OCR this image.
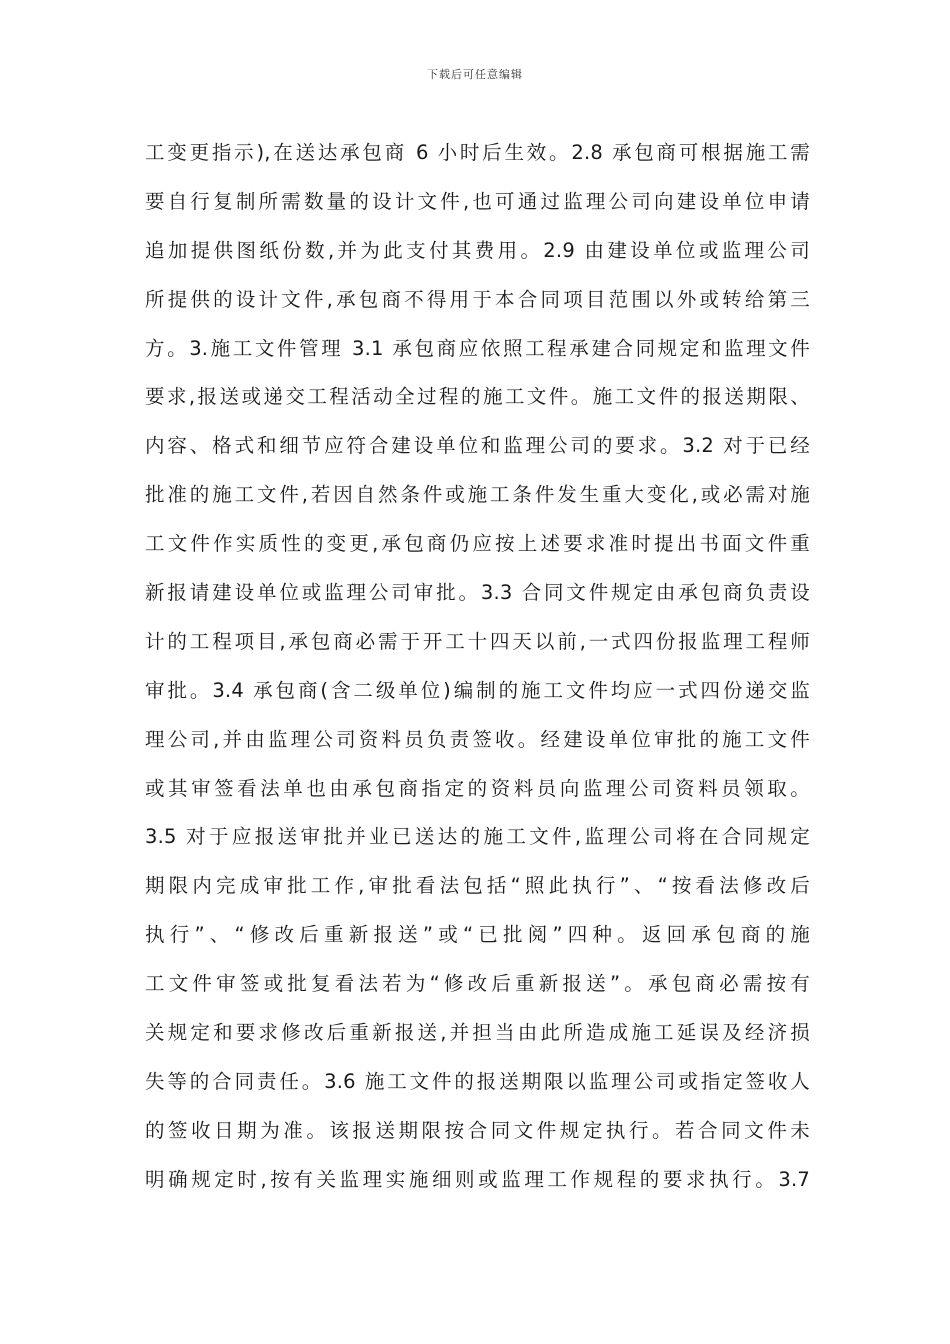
下载后可任意编辑
工变更指示),在送达承包商 6 小时后生效。2.8 承包商可根据施工需
要自行复制所需数量的设计文件,也可通过监理公司向建设单位申请
追加提供图纸份数,并为此支付其费用。2.9 由建设单位或监理公司
所提供的设计文件,承包商不得用于本合同项目范围以外或转给第三
方。3.施工文件管理 3.1 承包商应依照工程承建合同规定和监理文件
要求,报送或递交工程活动全过程的施工文件。施工文件的报送期限、
内容、格式和细节应符合建设单位和监理公司的要求。3.2 对于已经
批准的施工文件,若因自然条件或施工条件发生重大变化,或必需对施
工文件作实质性的变更,承包商仍应按上述要求准时提出书面文件重
新报请建设单位或监理公司审批。3.3 合同文件规定由承包商负责设
计的工程项目,承包商必需于开工十四天以前,一式四份报监理工程师
审批。3.4 承包商(含二级单位)编制的施工文件均应一式四份递交监
理公司,并由监理公司资料员负责签收。经建设单位审批的施工文件
或其审签看法单也由承包商指定的资料员向监理公司资料员领取。
3.5 对于应报送审批并业已送达的施工文件,监理公司将在合同规定
期限内完成审批工作,审批看法包括“照此执行”、“按看法修改后
执行”、“修改后重新报送”或“已批阅”四种。返回承包商的施
工文件审签或批复看法若为“修改后重新报送”。承包商必需按有
关规定和要求修改后重新报送,并担当由此所造成施工延误及经济损
失等的合同责任。3.6 施工文件的报送期限以监理公司或指定签收人
的签收日期为准。该报送期限按合同文件规定执行。若合同文件未
明确规定时,按有关监理实施细则或监理工作规程的要求执行。3.7
